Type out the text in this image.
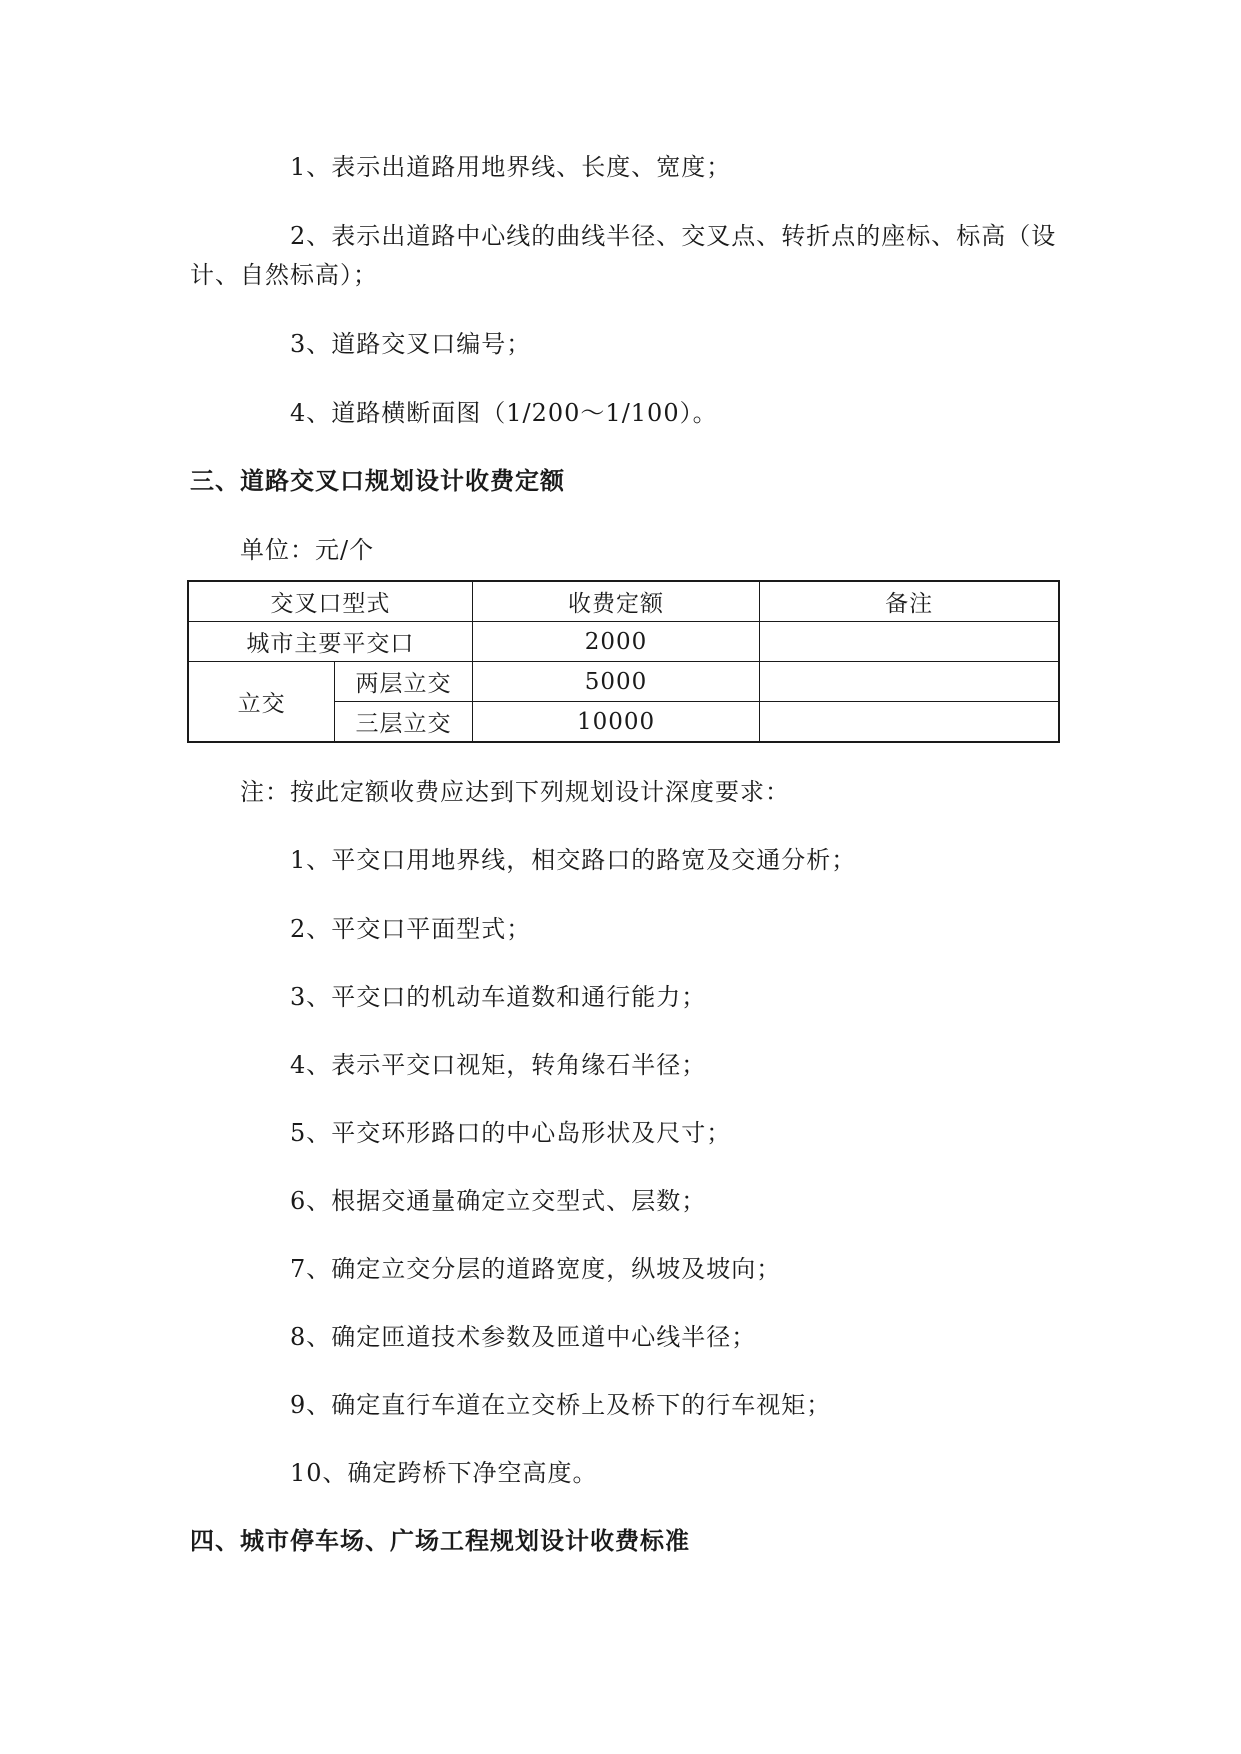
1、表示出道路用地界线、长度、宽度；
2、表示出道路中心线的曲线半径、交叉点、转折点的座标、标高（设
计、自然标高）；
3、道路交叉口编号；
4、道路横断面图（1/200～1/100）。
三、道路交叉口规划设计收费定额
单位：元/个
交叉口型式		收费定额	备注
城市主要平交口		2000	
立交	两层立交	5000	
	三层立交	10000	
注：按此定额收费应达到下列规划设计深度要求：
1、平交口用地界线，相交路口的路宽及交通分析；
2、平交口平面型式；
3、平交口的机动车道数和通行能力；
4、表示平交口视矩，转角缘石半径；
5、平交环形路口的中心岛形状及尺寸；
6、根据交通量确定立交型式、层数；
7、确定立交分层的道路宽度，纵坡及坡向；
8、确定匝道技术参数及匝道中心线半径；
9、确定直行车道在立交桥上及桥下的行车视矩；
10、确定跨桥下净空高度。
四、城市停车场、广场工程规划设计收费标准
